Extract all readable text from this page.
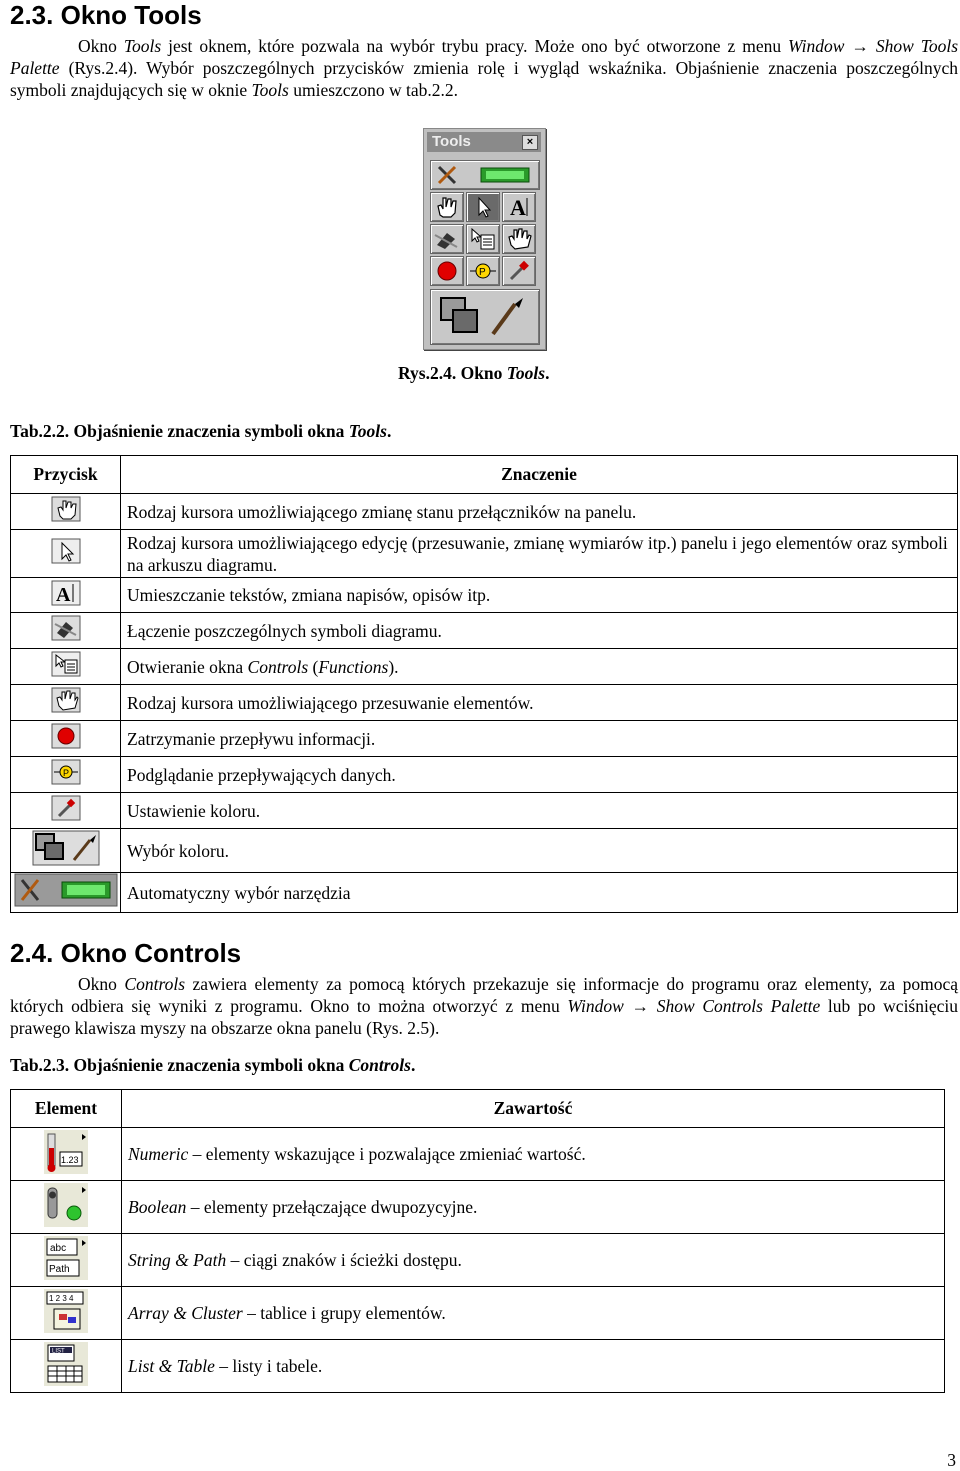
2.3. Okno Tools
Okno Tools jest oknem, które pozwala na wybór trybu pracy. Może ono być otworzone z menu Window → Show Tools Palette (Rys.2.4). Wybór poszczególnych przycisków zmienia rolę i wygląd wskaźnika. Objaśnienie znaczenia poszczególnych symboli znajdujących się w oknie Tools umieszczono w tab.2.2.
Tools	×
A
P
Rys.2.4. Okno Tools.
Tab.2.2. Objaśnienie znaczenia symboli okna Tools.
Przycisk	Znaczenie
	Rodzaj kursora umożliwiającego zmianę stanu przełączników na panelu.
	Rodzaj kursora umożliwiającego edycję (przesuwanie, zmianę wymiarów itp.) panelu i jego elementów oraz symboli na arkuszu diagramu.

A	Umieszczanie tekstów, zmiana napisów, opisów itp.
	Łączenie poszczególnych symboli diagramu.
	Otwieranie okna Controls (Functions).
	Rodzaj kursora umożliwiającego przesuwanie elementów.
	Zatrzymanie przepływu informacji.

P	Podglądanie przepływających danych.
	Ustawienie koloru.
	Wybór koloru.
	Automatyczny wybór narzędzia
2.4. Okno Controls
Okno Controls zawiera elementy za pomocą których przekazuje się informacje do programu oraz elementy, za pomocą których odbiera się wyniki z programu. Okno to można otworzyć z menu Window → Show Controls Palette lub po wciśnięciu prawego klawisza myszy na obszarze okna panelu (Rys. 2.5).
Tab.2.3. Objaśnienie znaczenia symboli okna Controls.
Element	Zawartość

1.23	Numeric – elementy wskazujące i pozwalające zmieniać wartość.
	Boolean – elementy przełączające dwupozycyjne.

abc
Path	String & Path – ciągi znaków i ścieżki dostępu.

1 2 3 4	Array & Cluster – tablice i grupy elementów.

LIST	List & Table – listy i tabele.
3
